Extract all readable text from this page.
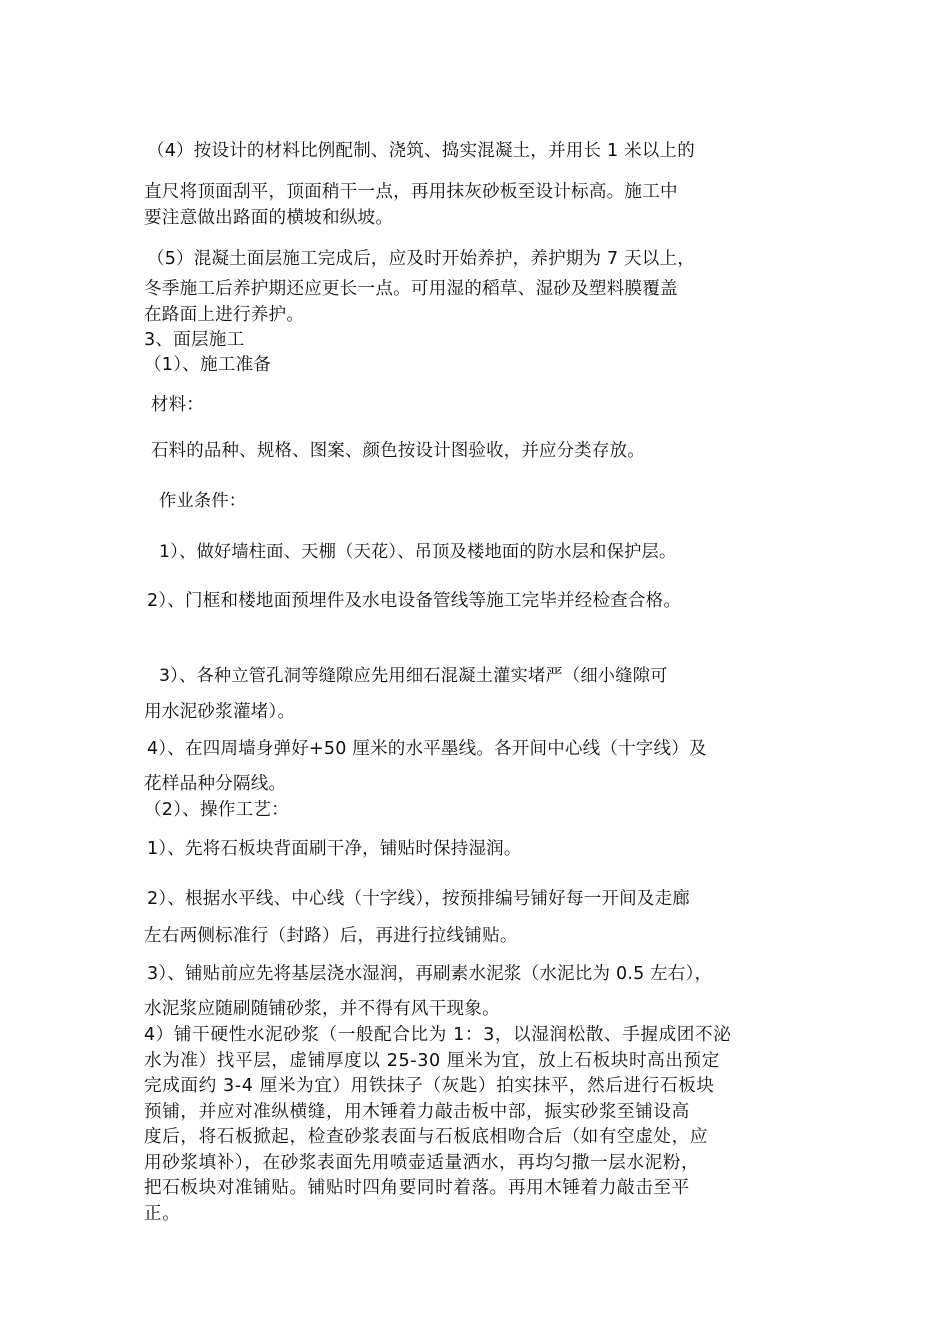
（4）按设计的材料比例配制、浇筑、捣实混凝土，并用长 1 米以上的
直尺将顶面刮平，顶面稍干一点，再用抹灰砂板至设计标高。施工中
要注意做出路面的横坡和纵坡。
（5）混凝土面层施工完成后，应及时开始养护，养护期为 7 天以上，
冬季施工后养护期还应更长一点。可用湿的稻草、湿砂及塑料膜覆盖
在路面上进行养护。
3、面层施工
（1）、施工准备
材料：
石料的品种、规格、图案、颜色按设计图验收，并应分类存放。
作业条件：
1）、做好墙柱面、天棚（天花）、吊顶及楼地面的防水层和保护层。
2）、门框和楼地面预埋件及水电设备管线等施工完毕并经检查合格。
3）、各种立管孔洞等缝隙应先用细石混凝土灌实堵严（细小缝隙可
用水泥砂浆灌堵）。
4）、在四周墙身弹好+50 厘米的水平墨线。各开间中心线（十字线）及
花样品种分隔线。
（2）、操作工艺：
1）、先将石板块背面刷干净，铺贴时保持湿润。
2）、根据水平线、中心线（十字线），按预排编号铺好每一开间及走廊
左右两侧标准行（封路）后，再进行拉线铺贴。
3）、铺贴前应先将基层浇水湿润，再刷素水泥浆（水泥比为 0.5 左右），
水泥浆应随刷随铺砂浆，并不得有风干现象。
4）铺干硬性水泥砂浆（一般配合比为 1：3，以湿润松散、手握成团不泌
水为准）找平层，虚铺厚度以 25-30 厘米为宜，放上石板块时高出预定
完成面约 3-4 厘米为宜）用铁抹子（灰匙）拍实抹平，然后进行石板块
预铺，并应对准纵横缝，用木锤着力敲击板中部，振实砂浆至铺设高
度后，将石板掀起，检查砂浆表面与石板底相吻合后（如有空虚处，应
用砂浆填补），在砂浆表面先用喷壶适量洒水，再均匀撒一层水泥粉，
把石板块对准铺贴。铺贴时四角要同时着落。再用木锤着力敲击至平
正。
